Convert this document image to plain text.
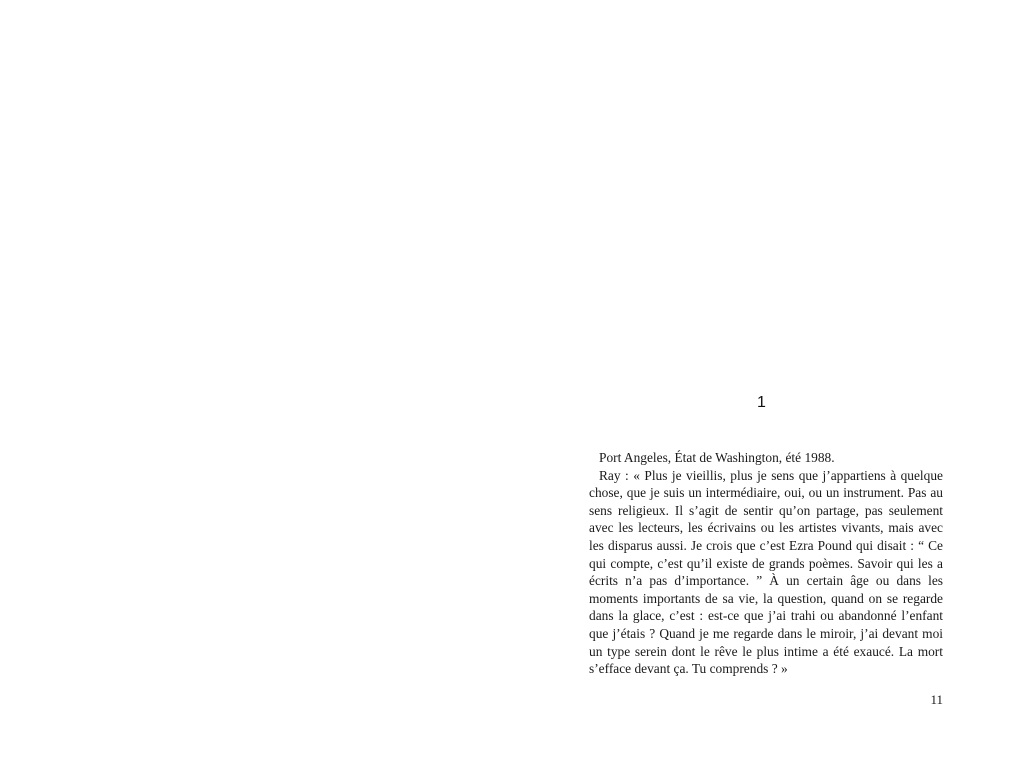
1

Port Angeles, État de Washington, été 1988.

Ray : « Plus je vieillis, plus je sens que j’appartiens à quelque chose, que je suis un intermédiaire, oui, ou un instrument. Pas au sens religieux. Il s’agit de sentir qu’on partage, pas seulement avec les lecteurs, les écrivains ou les artistes vivants, mais avec les disparus aussi. Je crois que c’est Ezra Pound qui disait : “ Ce qui compte, c’est qu’il existe de grands poèmes. Savoir qui les a écrits n’a pas d’importance. ” À un certain âge ou dans les moments importants de sa vie, la question, quand on se regarde dans la glace, c’est : est-ce que j’ai trahi ou abandonné l’enfant que j’étais ? Quand je me regarde dans le miroir, j’ai devant moi un type serein dont le rêve le plus intime a été exaucé. La mort s’efface devant ça. Tu comprends ? »

11
